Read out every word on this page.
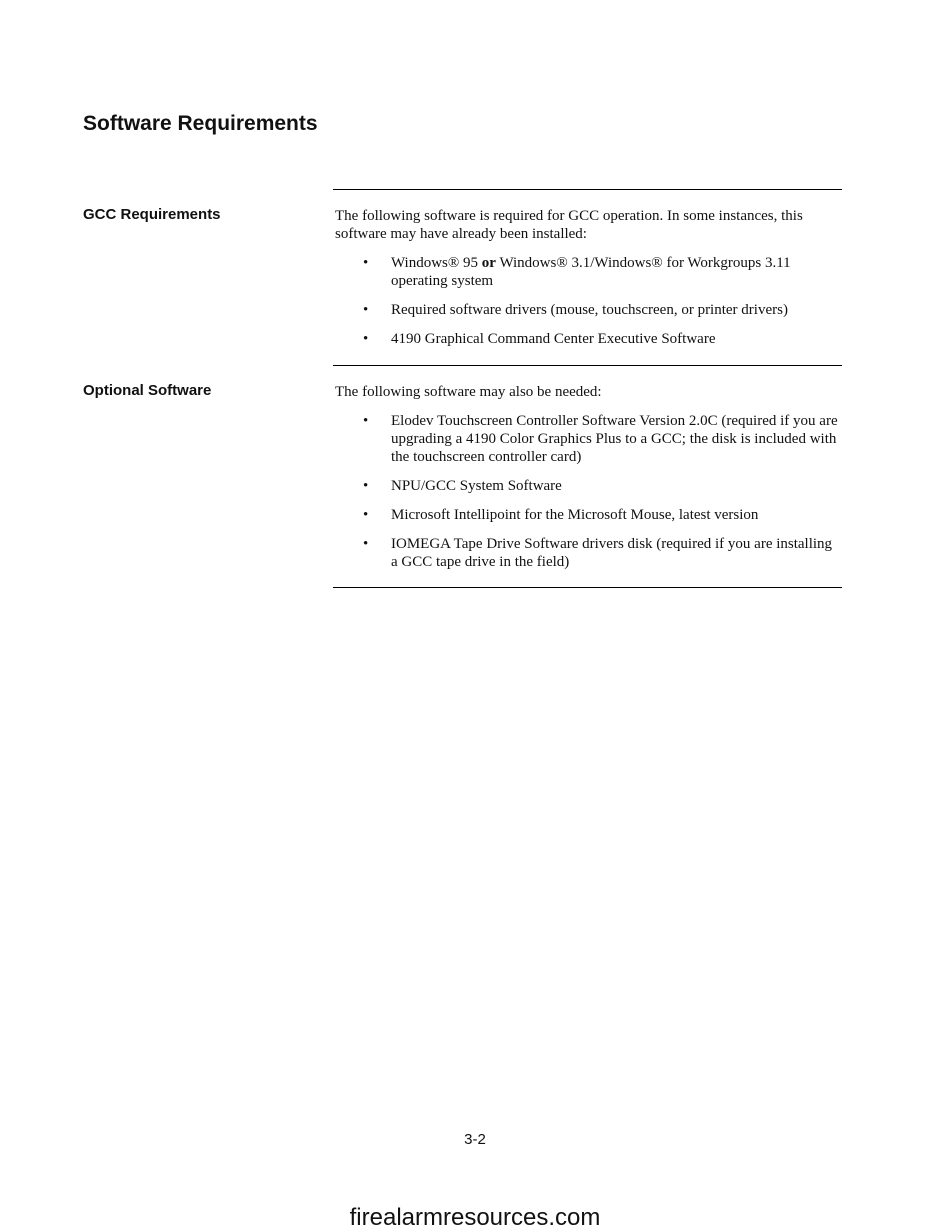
Software Requirements
GCC Requirements	The following software is required for GCC operation. In some instances, this software may have already been installed:

• Windows® 95 or Windows® 3.1/Windows® for Workgroups 3.11 operating system
• Required software drivers (mouse, touchscreen, or printer drivers)
• 4190 Graphical Command Center Executive Software
Optional Software	The following software may also be needed:

• Elodev Touchscreen Controller Software Version 2.0C (required if you are upgrading a 4190 Color Graphics Plus to a GCC; the disk is included with the touchscreen controller card)
• NPU/GCC System Software
• Microsoft Intellipoint for the Microsoft Mouse, latest version
• IOMEGA Tape Drive Software drivers disk (required if you are installing a GCC tape drive in the field)
3-2
firealarmresources.com
